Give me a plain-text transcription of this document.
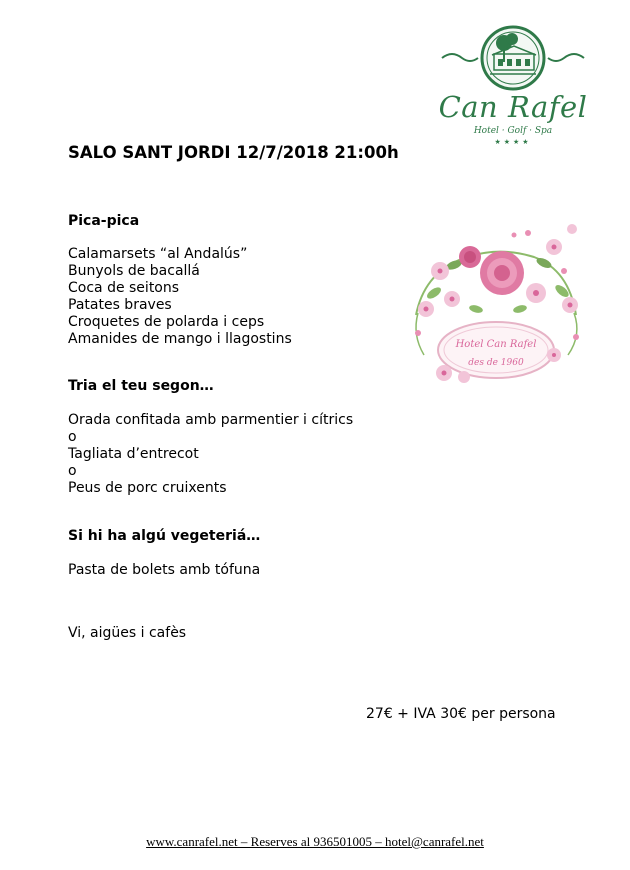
Can Rafel
Hotel · Golf · Spa
★★★★
SALO SANT JORDI 12/7/2018 21:00h
Pica-pica
Calamarsets “al Andalús”
Bunyols de bacallá
Coca de seitons
Patates braves
Croquetes de polarda i ceps
Amanides de mango i llagostins
Tria el teu segon…
Orada confitada amb parmentier i cítrics
o
Tagliata d’entrecot
o
Peus de porc cruixents
Si hi ha algú vegeteriá…
Pasta de bolets amb tófuna
Vi, aigües i cafès
Hotel Can Rafel
des de 1960
27€ + IVA 30€ per persona
www.canrafel.net – Reserves al 936501005 – hotel@canrafel.net
